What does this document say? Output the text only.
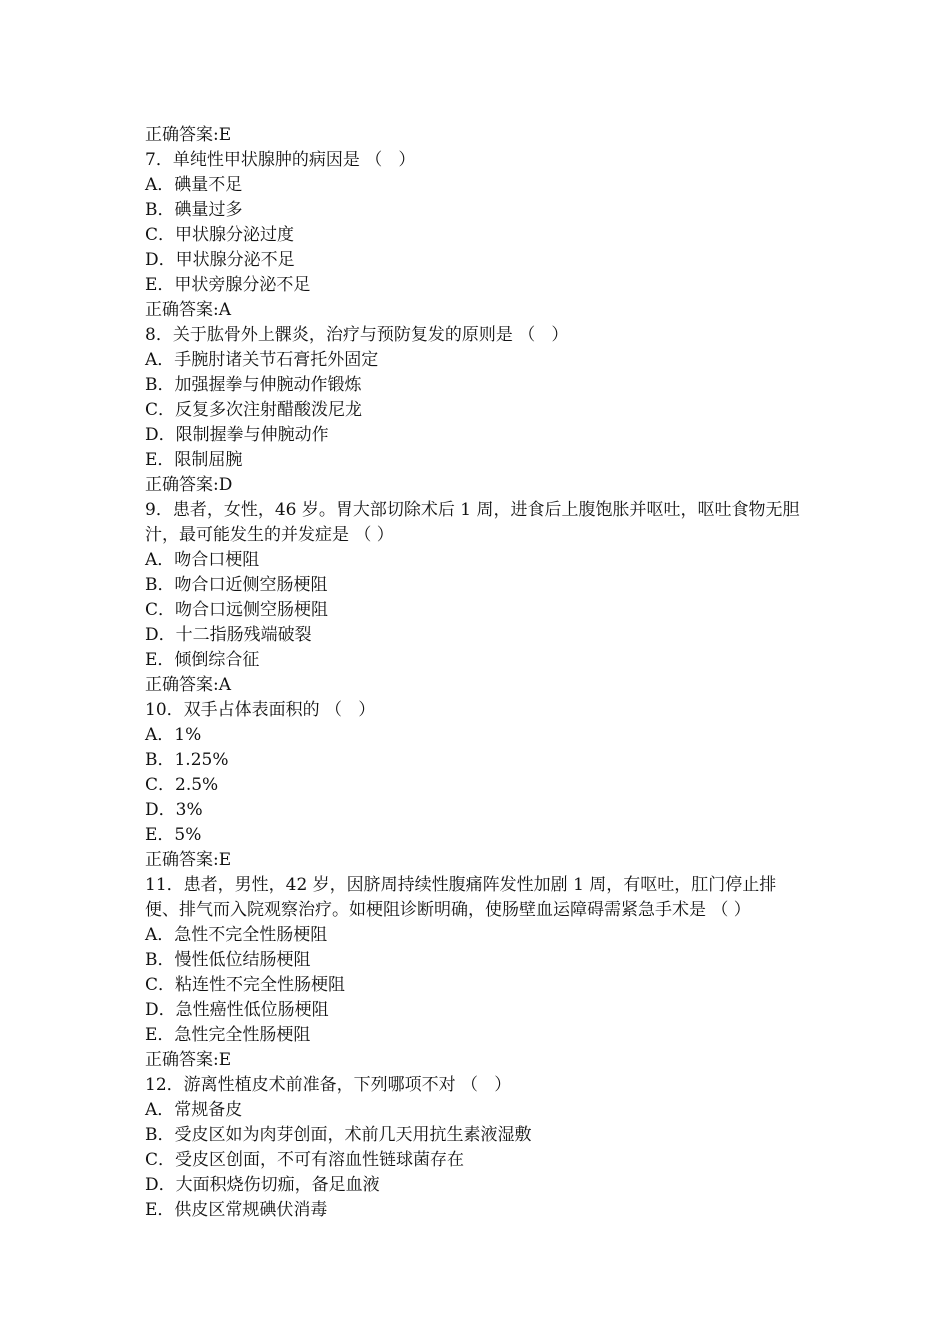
正确答案:E
7．单纯性甲状腺肿的病因是 （   ）
A．碘量不足
B．碘量过多
C．甲状腺分泌过度
D．甲状腺分泌不足
E．甲状旁腺分泌不足
正确答案:A
8．关于肱骨外上髁炎，治疗与预防复发的原则是 （   ）
A．手腕肘诸关节石膏托外固定
B．加强握拳与伸腕动作锻炼
C．反复多次注射醋酸泼尼龙
D．限制握拳与伸腕动作
E．限制屈腕
正确答案:D
9．患者，女性，46 岁。胃大部切除术后 1 周，进食后上腹饱胀并呕吐，呕吐食物无胆汁，最可能发生的并发症是 （ ）
A．吻合口梗阻
B．吻合口近侧空肠梗阻
C．吻合口远侧空肠梗阻
D．十二指肠残端破裂
E．倾倒综合征
正确答案:A
10．双手占体表面积的 （   ）
A．1%
B．1.25%
C．2.5%
D．3%
E．5%
正确答案:E
11．患者，男性，42 岁，因脐周持续性腹痛阵发性加剧 1 周，有呕吐，肛门停止排便、排气而入院观察治疗。如梗阻诊断明确，使肠壁血运障碍需紧急手术是 （ ）
A．急性不完全性肠梗阻
B．慢性低位结肠梗阻
C．粘连性不完全性肠梗阻
D．急性癌性低位肠梗阻
E．急性完全性肠梗阻
正确答案:E
12．游离性植皮术前准备，下列哪项不对 （   ）
A．常规备皮
B．受皮区如为肉芽创面，术前几天用抗生素液湿敷
C．受皮区创面，不可有溶血性链球菌存在
D．大面积烧伤切痂，备足血液
E．供皮区常规碘伏消毒
